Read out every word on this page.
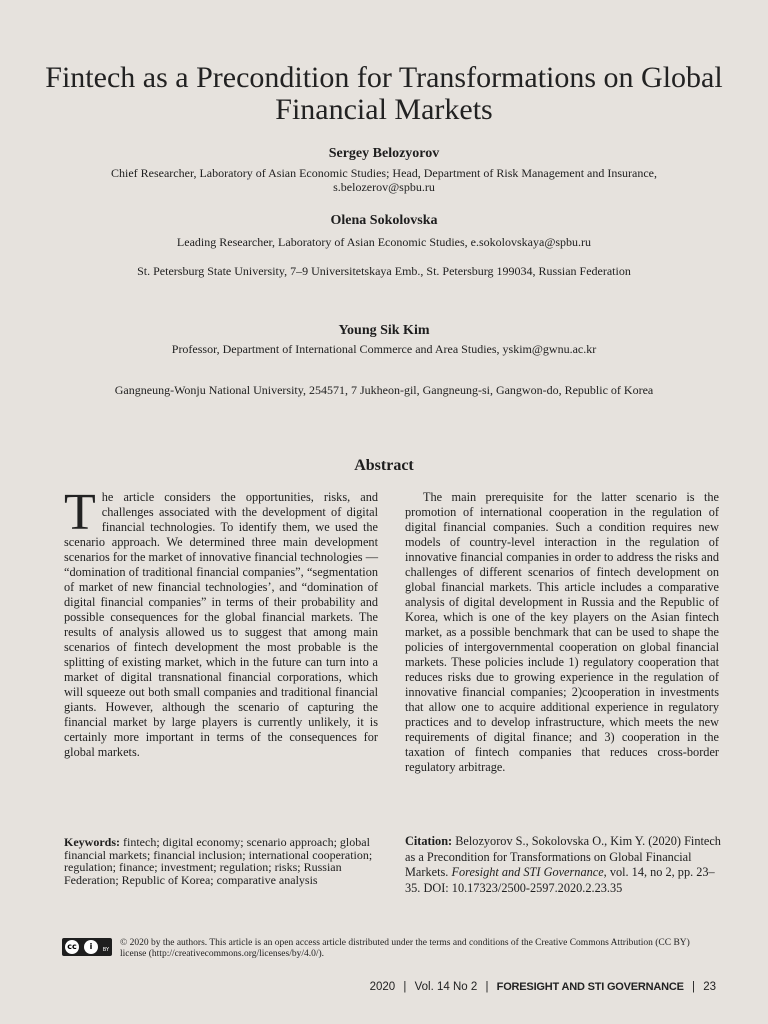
Fintech as a Precondition for Transformations on Global Financial Markets
Sergey Belozyorov
Chief Researcher, Laboratory of Asian Economic Studies; Head, Department of Risk Management and Insurance,
s.belozerov@spbu.ru
Olena Sokolovska
Leading Researcher, Laboratory of Asian Economic Studies, e.sokolovskaya@spbu.ru
St. Petersburg State University, 7–9 Universitetskaya Emb., St. Petersburg 199034, Russian Federation
Young Sik Kim
Professor, Department of International Commerce and Area Studies, yskim@gwnu.ac.kr
Gangneung-Wonju National University, 254571, 7 Jukheon-gil, Gangneung-si, Gangwon-do, Republic of Korea
Abstract

The article considers the opportunities, risks, and challenges associated with the development of digital financial technologies. To identify them, we used the scenario approach. We determined three main development scenarios for the market of innovative financial technologies — “domination of traditional financial companies”, “segmentation of market of new financial technologies’, and “domination of digital financial companies” in terms of their probability and possible consequences for the global financial markets. The results of analysis allowed us to suggest that among main scenarios of fintech development the most probable is the splitting of existing market, which in the future can turn into a market of digital transnational financial corporations, which will squeeze out both small companies and traditional financial giants. However, although the scenario of capturing the financial market by large players is currently unlikely, it is certainly more important in terms of the consequences for global markets.

The main prerequisite for the latter scenario is the promotion of international cooperation in the regulation of digital financial companies. Such a condition requires new models of country-level interaction in the regulation of innovative financial companies in order to address the risks and challenges of different scenarios of fintech development on global financial markets. This article includes a comparative analysis of digital development in Russia and the Republic of Korea, which is one of the key players on the Asian fintech market, as a possible benchmark that can be used to shape the policies of intergovernmental cooperation on global financial markets. These policies include 1) regulatory cooperation that reduces risks due to growing experience in the regulation of innovative financial companies; 2)cooperation in investments that allow one to acquire additional experience in regulatory practices and to develop infrastructure, which meets the new requirements of digital finance; and 3) cooperation in the taxation of fintech companies that reduces cross-border regulatory arbitrage.

Keywords: fintech; digital economy; scenario approach; global financial markets; financial inclusion; international cooperation; regulation; finance; investment; regulation; risks; Russian Federation; Republic of Korea; comparative analysis
Citation: Belozyorov S., Sokolovska O., Kim Y. (2020) Fintech as a Precondition for Transformations on Global Financial Markets. Foresight and STI Governance, vol. 14, no 2, pp. 23–35. DOI: 10.17323/2500-2597.2020.2.23.35
cc	i	BY
© 2020 by the authors. This article is an open access article distributed under the terms and conditions of the Creative Commons Attribution (CC BY) license (http://creativecommons.org/licenses/by/4.0/).
2020 | Vol. 14 No 2 | FORESIGHT AND STI GOVERNANCE | 23
